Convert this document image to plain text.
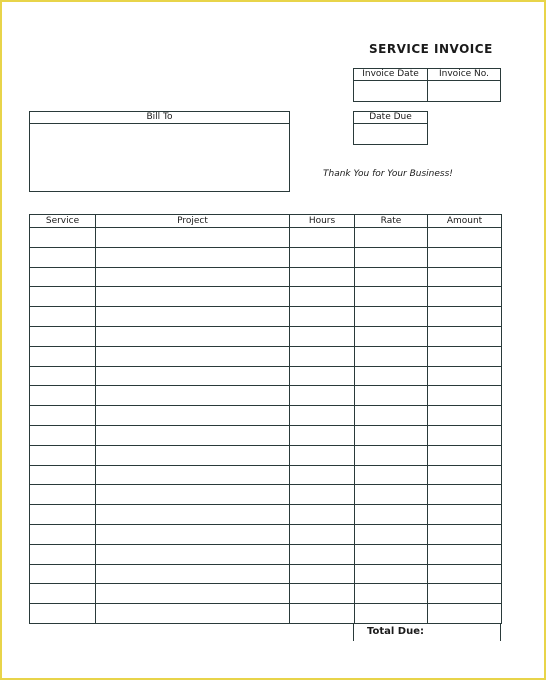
SERVICE INVOICE
Invoice Date	Invoice No.
Date Due
Bill To
Thank You for Your Business!
Service	Project	Hours	Rate	Amount

Total Due:
